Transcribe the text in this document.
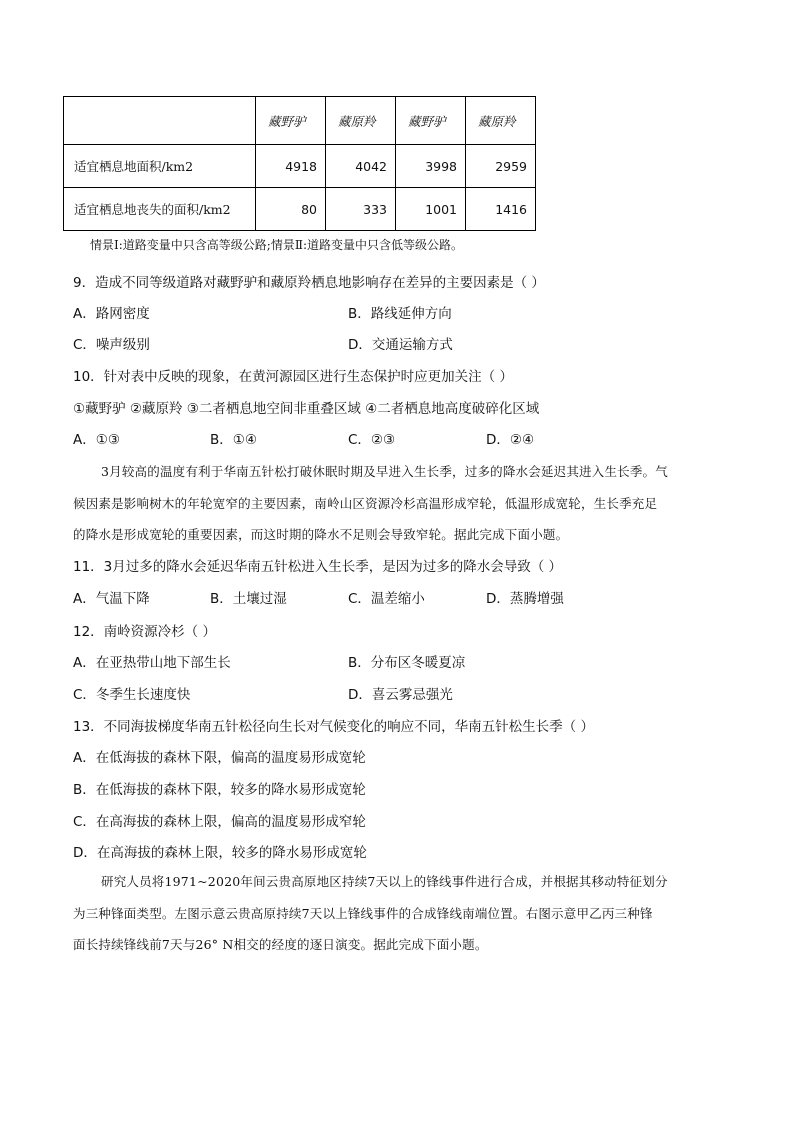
	藏野驴	藏原羚	藏野驴	藏原羚
适宜栖息地面积/km2	4918	4042	3998	2959
适宜栖息地丧失的面积/km2	80	333	1001	1416
情景Ⅰ:道路变量中只含高等级公路;情景Ⅱ:道路变量中只含低等级公路。
9．造成不同等级道路对藏野驴和藏原羚栖息地影响存在差异的主要因素是（ ）
A．路网密度	B．路线延伸方向
C．噪声级别	D．交通运输方式
10．针对表中反映的现象，在黄河源园区进行生态保护时应更加关注（ ）
①藏野驴 ②藏原羚 ③二者栖息地空间非重叠区域 ④二者栖息地高度破碎化区域
A．①③	B．①④	C．②③	D．②④
3月较高的温度有利于华南五针松打破休眠时期及早进入生长季，过多的降水会延迟其进入生长季。气
候因素是影响树木的年轮宽窄的主要因素，南岭山区资源冷杉高温形成窄轮，低温形成宽轮，生长季充足
的降水是形成宽轮的重要因素，而这时期的降水不足则会导致窄轮。据此完成下面小题。
11．3月过多的降水会延迟华南五针松进入生长季，是因为过多的降水会导致（ ）
A．气温下降	B．土壤过湿	C．温差缩小	D．蒸腾增强
12．南岭资源冷杉（ ）
A．在亚热带山地下部生长	B．分布区冬暖夏凉
C．冬季生长速度快	D．喜云雾忌强光
13．不同海拔梯度华南五针松径向生长对气候变化的响应不同，华南五针松生长季（ ）
A．在低海拔的森林下限，偏高的温度易形成宽轮
B．在低海拔的森林下限，较多的降水易形成宽轮
C．在高海拔的森林上限，偏高的温度易形成窄轮
D．在高海拔的森林上限，较多的降水易形成宽轮
研究人员将1971~2020年间云贵高原地区持续7天以上的锋线事件进行合成，并根据其移动特征划分
为三种锋面类型。左图示意云贵高原持续7天以上锋线事件的合成锋线南端位置。右图示意甲乙丙三种锋
面长持续锋线前7天与26° N相交的经度的逐日演变。据此完成下面小题。
